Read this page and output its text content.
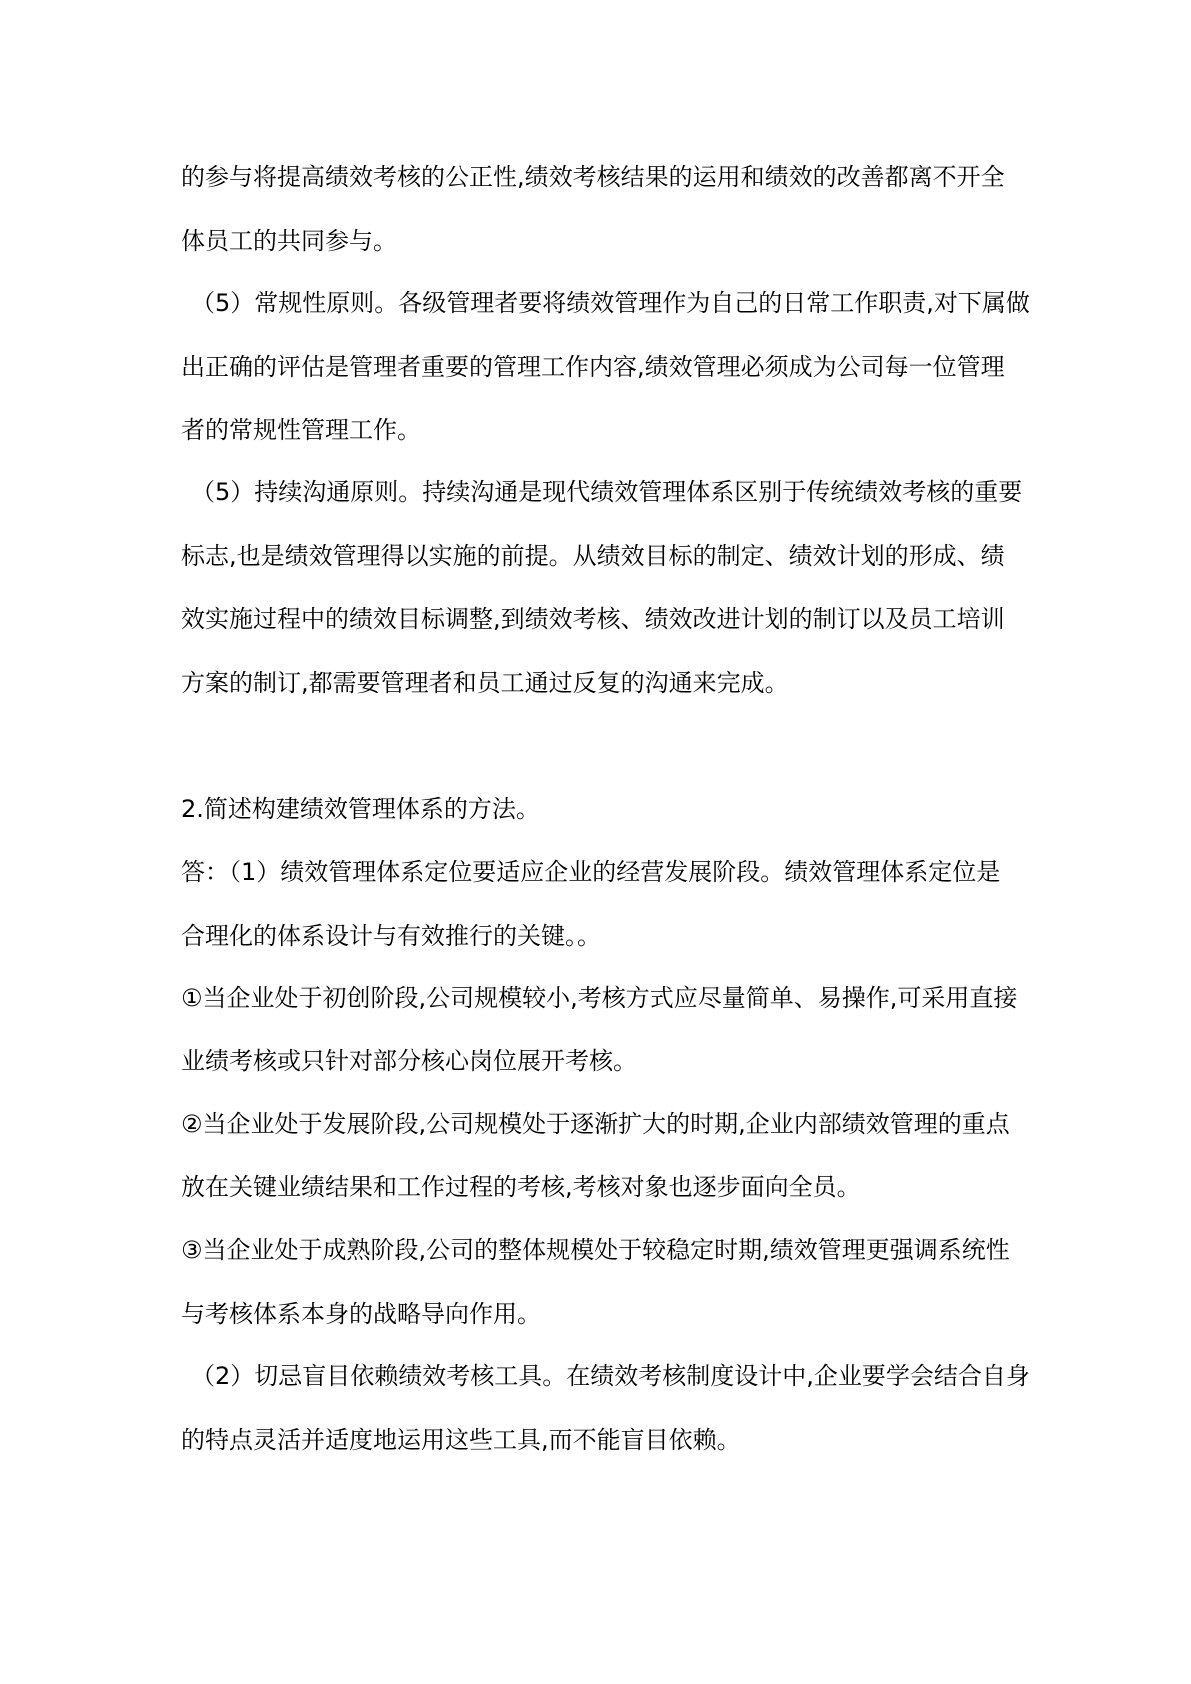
的参与将提高绩效考核的公正性,绩效考核结果的运用和绩效的改善都离不开全
体员工的共同参与。
（5）常规性原则。各级管理者要将绩效管理作为自己的日常工作职责,对下属做
出正确的评估是管理者重要的管理工作内容,绩效管理必须成为公司每一位管理
者的常规性管理工作。
（5）持续沟通原则。持续沟通是现代绩效管理体系区别于传统绩效考核的重要
标志,也是绩效管理得以实施的前提。从绩效目标的制定、绩效计划的形成、绩
效实施过程中的绩效目标调整,到绩效考核、绩效改进计划的制订以及员工培训
方案的制订,都需要管理者和员工通过反复的沟通来完成。
2.简述构建绩效管理体系的方法。
答：（1）绩效管理体系定位要适应企业的经营发展阶段。绩效管理体系定位是
合理化的体系设计与有效推行的关键。。
①当企业处于初创阶段,公司规模较小,考核方式应尽量简单、易操作,可采用直接
业绩考核或只针对部分核心岗位展开考核。
②当企业处于发展阶段,公司规模处于逐渐扩大的时期,企业内部绩效管理的重点
放在关键业绩结果和工作过程的考核,考核对象也逐步面向全员。
③当企业处于成熟阶段,公司的整体规模处于较稳定时期,绩效管理更强调系统性
与考核体系本身的战略导向作用。
（2）切忌盲目依赖绩效考核工具。在绩效考核制度设计中,企业要学会结合自身
的特点灵活并适度地运用这些工具,而不能盲目依赖。
